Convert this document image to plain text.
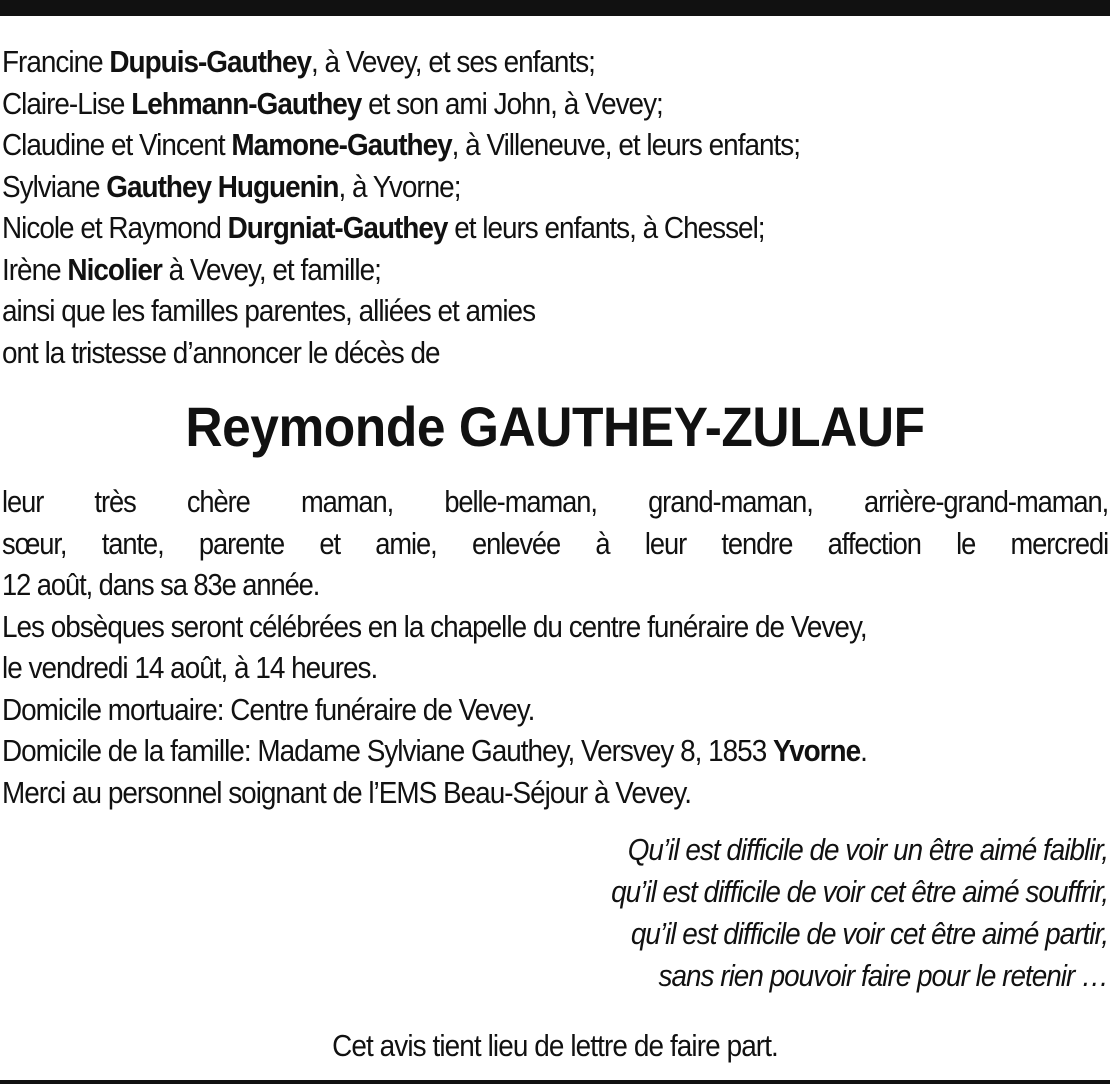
Francine Dupuis-Gauthey, à Vevey, et ses enfants;
Claire-Lise Lehmann-Gauthey et son ami John, à Vevey;
Claudine et Vincent Mamone-Gauthey, à Villeneuve, et leurs enfants;
Sylviane Gauthey Huguenin, à Yvorne;
Nicole et Raymond Durgniat-Gauthey et leurs enfants, à Chessel;
Irène Nicolier à Vevey, et famille;
ainsi que les familles parentes, alliées et amies
ont la tristesse d’annoncer le décès de
Reymonde GAUTHEY-ZULAUF
leur très chère maman, belle-maman, grand-maman, arrière-grand-maman,
sœur, tante, parente et amie, enlevée à leur tendre affection le mercredi
12 août, dans sa 83e année.
Les obsèques seront célébrées en la chapelle du centre funéraire de Vevey,
le vendredi 14 août, à 14 heures.
Domicile mortuaire: Centre funéraire de Vevey.
Domicile de la famille: Madame Sylviane Gauthey, Versvey 8, 1853 Yvorne.
Merci au personnel soignant de l’EMS Beau-Séjour à Vevey.
Qu’il est difficile de voir un être aimé faiblir,
qu’il est difficile de voir cet être aimé souffrir,
qu’il est difficile de voir cet être aimé partir,
sans rien pouvoir faire pour le retenir …
Cet avis tient lieu de lettre de faire part.
